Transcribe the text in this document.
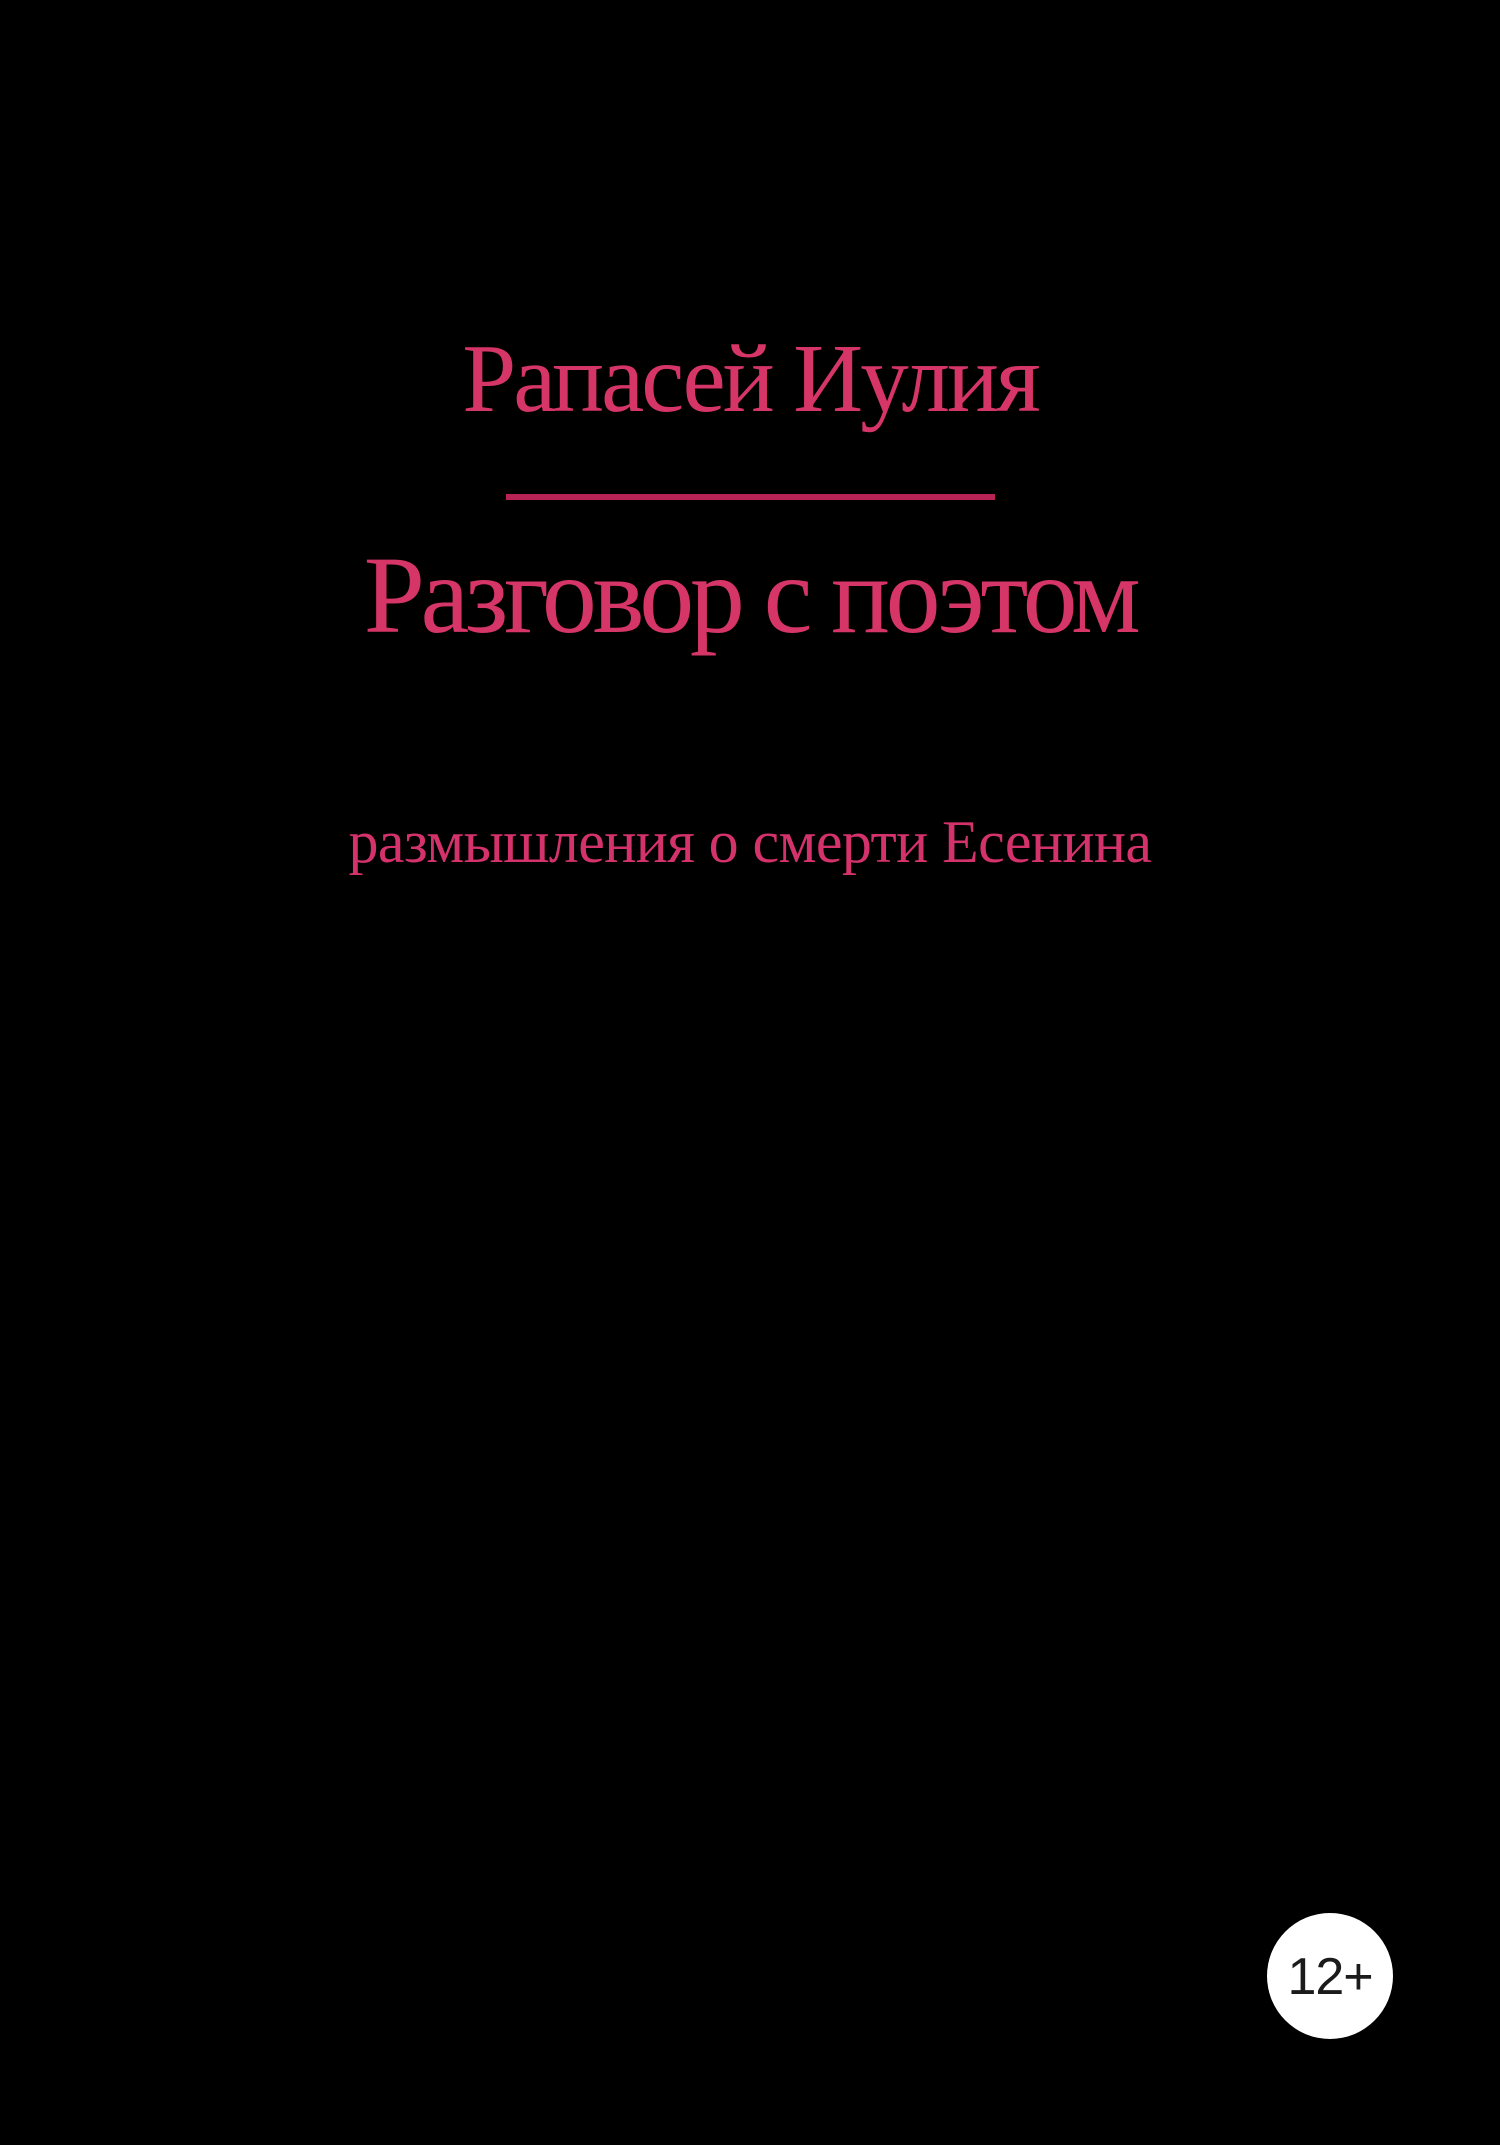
Рапасей Иулия
Разговор с поэтом
размышления о смерти Есенина
12+
